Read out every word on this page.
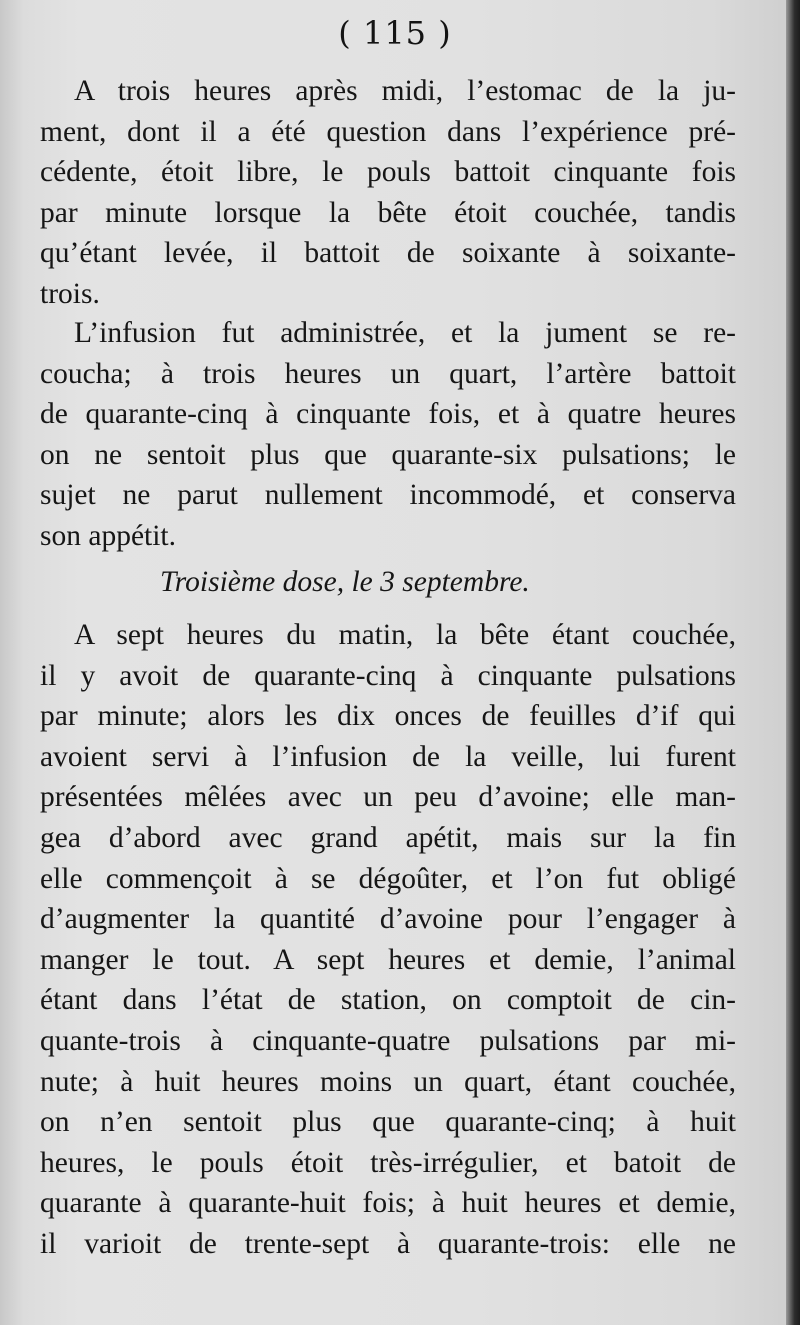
( 115 )
A trois heures après midi, l’estomac de la ju-
ment, dont il a été question dans l’expérience pré-
cédente, étoit libre, le pouls battoit cinquante fois
par minute lorsque la bête étoit couchée, tandis
qu’étant levée, il battoit de soixante à soixante-
trois.
L’infusion fut administrée, et la jument se re-
coucha; à trois heures un quart, l’artère battoit
de quarante-cinq à cinquante fois, et à quatre heures
on ne sentoit plus que quarante-six pulsations; le
sujet ne parut nullement incommodé, et conserva
son appétit.
Troisième dose, le 3 septembre.
A sept heures du matin, la bête étant couchée,
il y avoit de quarante-cinq à cinquante pulsations
par minute; alors les dix onces de feuilles d’if qui
avoient servi à l’infusion de la veille, lui furent
présentées mêlées avec un peu d’avoine; elle man-
gea d’abord avec grand apétit, mais sur la fin
elle commençoit à se dégoûter, et l’on fut obligé
d’augmenter la quantité d’avoine pour l’engager à
manger le tout. A sept heures et demie, l’animal
étant dans l’état de station, on comptoit de cin-
quante-trois à cinquante-quatre pulsations par mi-
nute; à huit heures moins un quart, étant couchée,
on n’en sentoit plus que quarante-cinq; à huit
heures, le pouls étoit très-irrégulier, et batoit de
quarante à quarante-huit fois; à huit heures et demie,
il varioit de trente-sept à quarante-trois: elle ne
